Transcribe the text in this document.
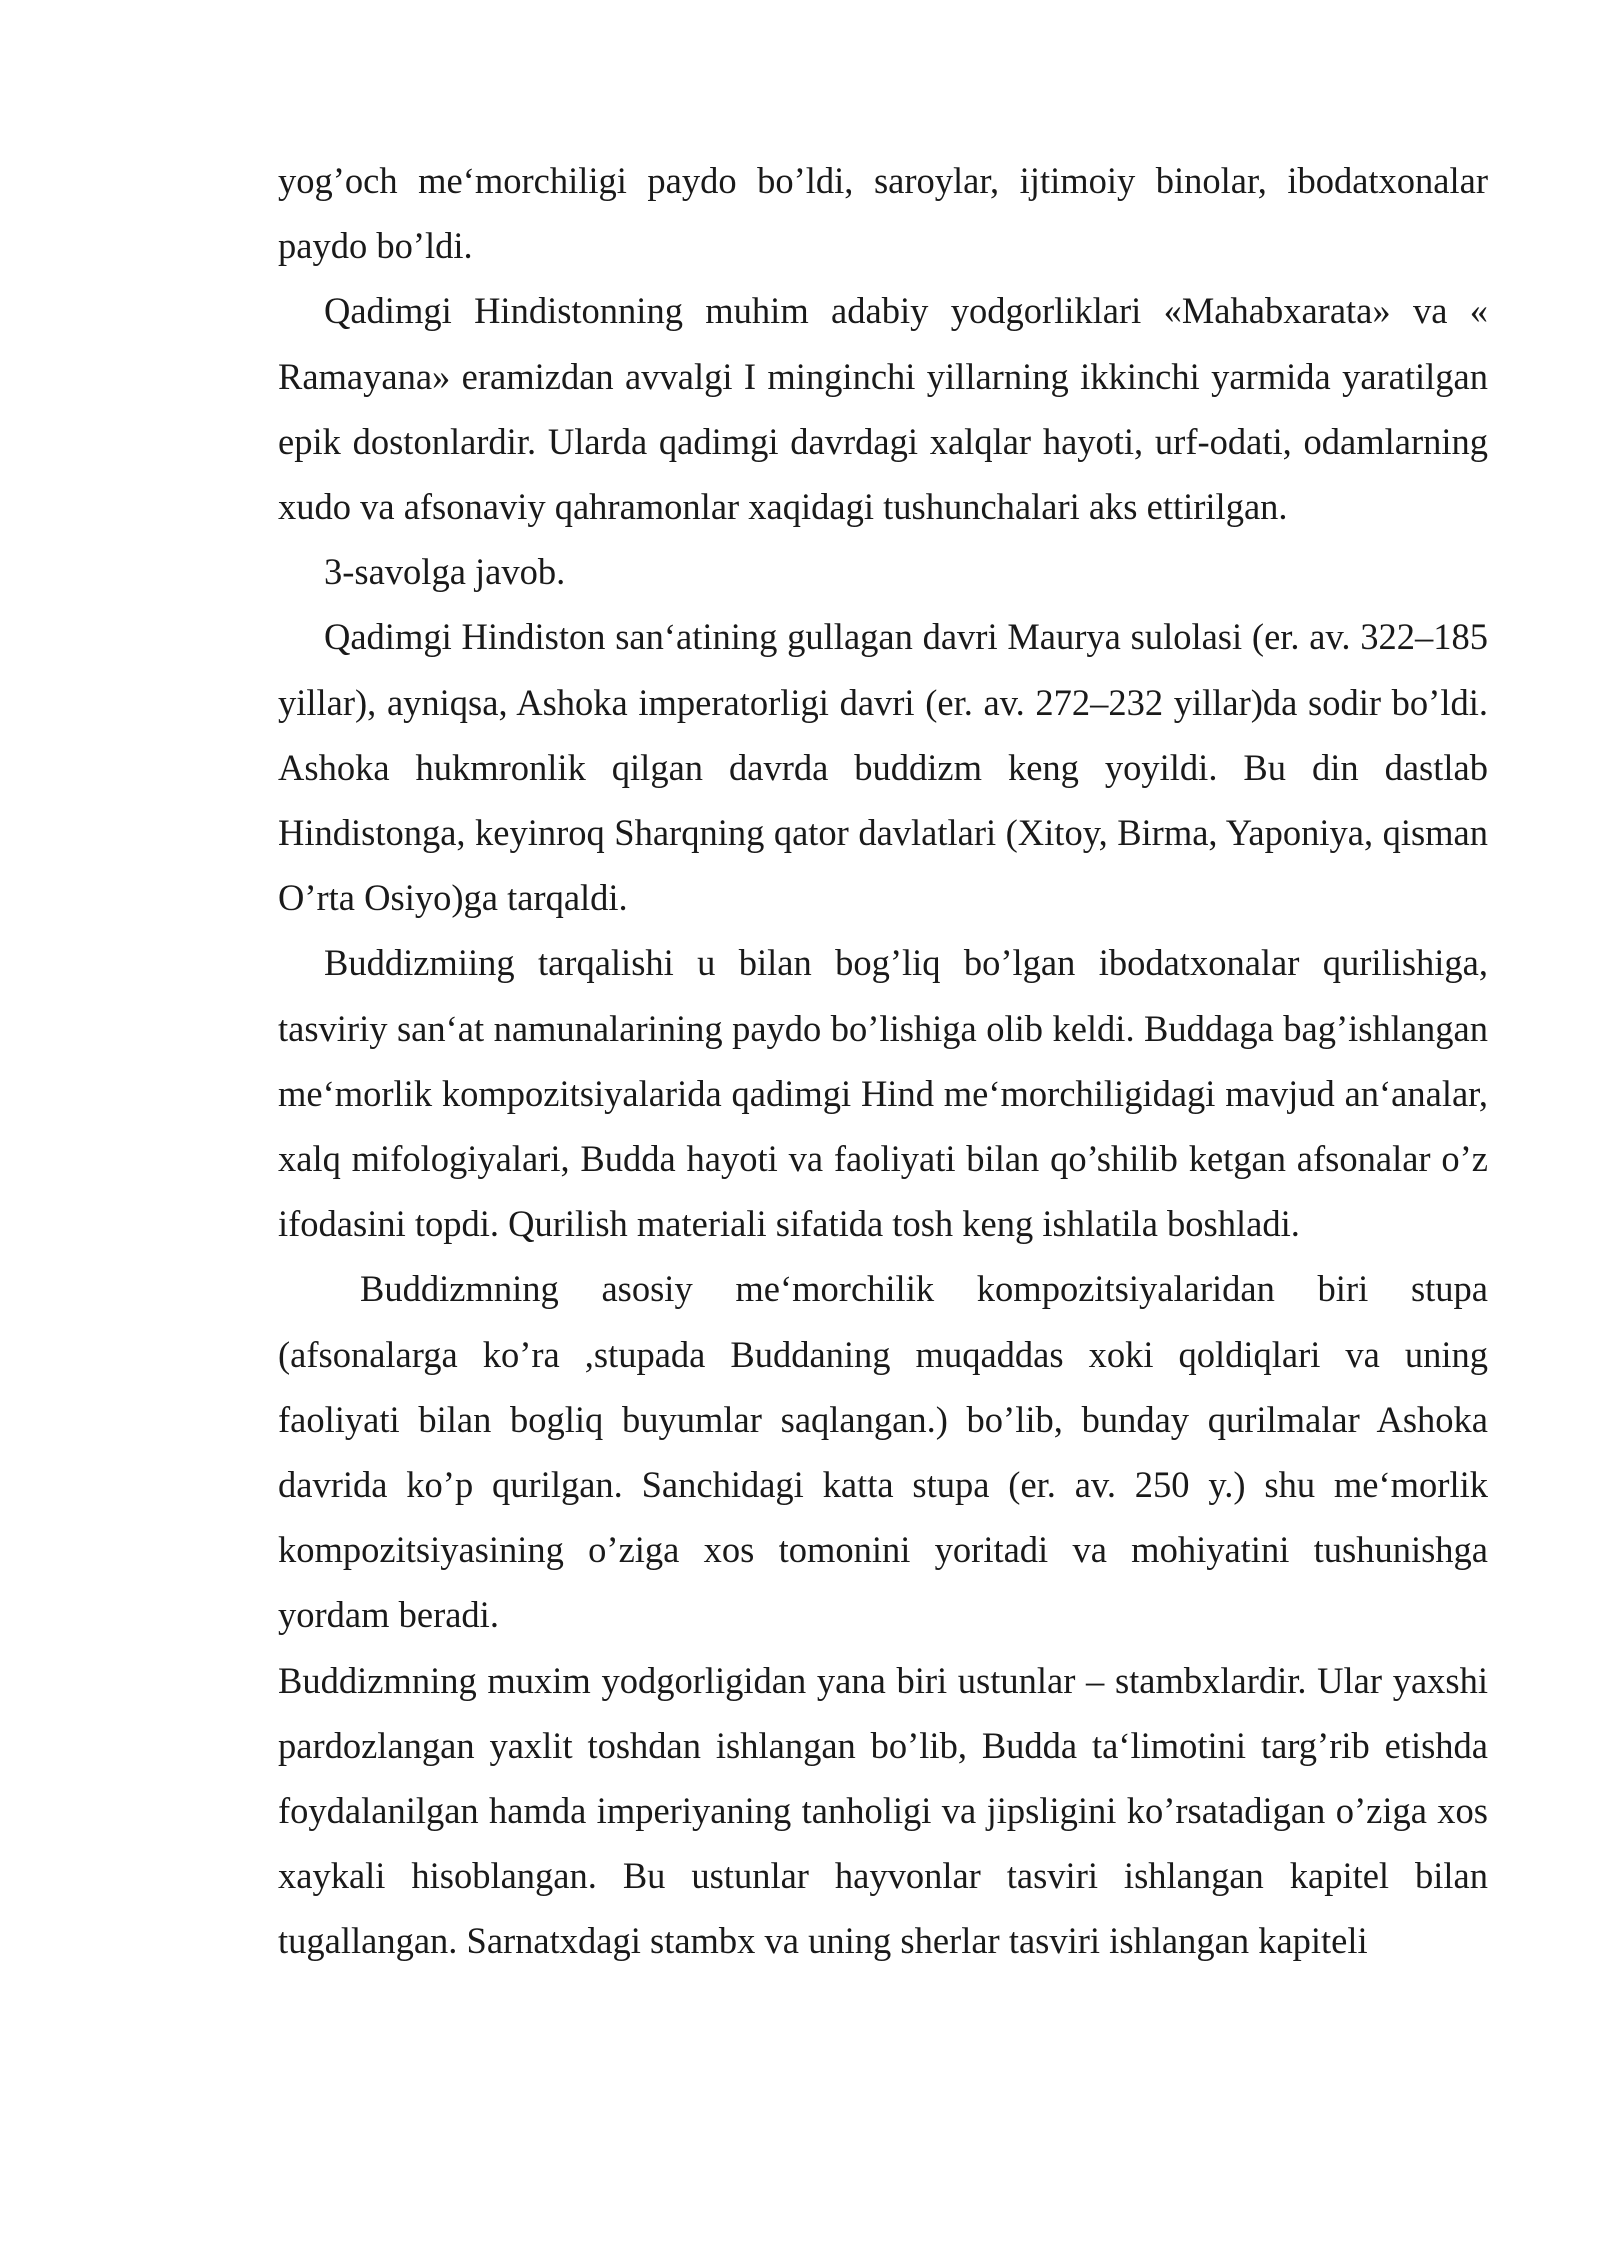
yog’och me‘morchiligi paydo bo’ldi, saroylar, ijtimoiy binolar, ibodatxonalar paydo bo’ldi.

Qadimgi Hindistonning muhim adabiy yodgorliklari «Mahabxarata» va « Ramayana» eramizdan avvalgi I minginchi yillarning ikkinchi yarmida yaratilgan epik dostonlardir. Ularda qadimgi davrdagi xalqlar hayoti, urf-odati, odamlarning xudo va afsonaviy qahramonlar xaqidagi tushunchalari aks ettirilgan.

3-savolga javob.

Qadimgi Hindiston san‘atining gullagan davri Maurya sulolasi (er. av. 322–185 yillar), ayniqsa, Ashoka imperatorligi davri (er. av. 272–232 yillar)da sodir bo’ldi. Ashoka hukmronlik qilgan davrda buddizm keng yoyildi. Bu din dastlab Hindistonga, keyinroq Sharqning qator davlatlari (Xitoy, Birma, Yaponiya, qisman O’rta Osiyo)ga tarqaldi.

Buddizmiing tarqalishi u bilan bog’liq bo’lgan ibodatxonalar qurilishiga, tasviriy san‘at namunalarining paydo bo’lishiga olib keldi. Buddaga bag’ishlangan me‘morlik kompozitsiyalarida qadimgi Hind me‘morchiligidagi mavjud an‘analar, xalq mifologiyalari, Budda hayoti va faoliyati bilan qo’shilib ketgan afsonalar o’z ifodasini topdi. Qurilish materiali sifatida tosh keng ishlatila boshladi.

Buddizmning asosiy me‘morchilik kompozitsiyalaridan biri stupa (afsonalarga ko’ra ,stupada Buddaning muqaddas xoki qoldiqlari va uning faoliyati bilan bogliq buyumlar saqlangan.) bo’lib, bunday qurilmalar Ashoka davrida ko’p qurilgan. Sanchidagi katta stupa (er. av. 250 y.) shu me‘morlik kompozitsiyasining o’ziga xos tomonini yoritadi va mohiyatini tushunishga yordam beradi.

Buddizmning muxim yodgorligidan yana biri ustunlar – stambxlardir. Ular yaxshi pardozlangan yaxlit toshdan ishlangan bo’lib, Budda ta‘limotini targ’rib etishda foydalanilgan hamda imperiyaning tanholigi va jipsligini ko’rsatadigan o’ziga xos xaykali hisoblangan. Bu ustunlar hayvonlar tasviri ishlangan kapitel bilan tugallangan. Sarnatxdagi stambx va uning sherlar tasviri ishlangan kapiteli
